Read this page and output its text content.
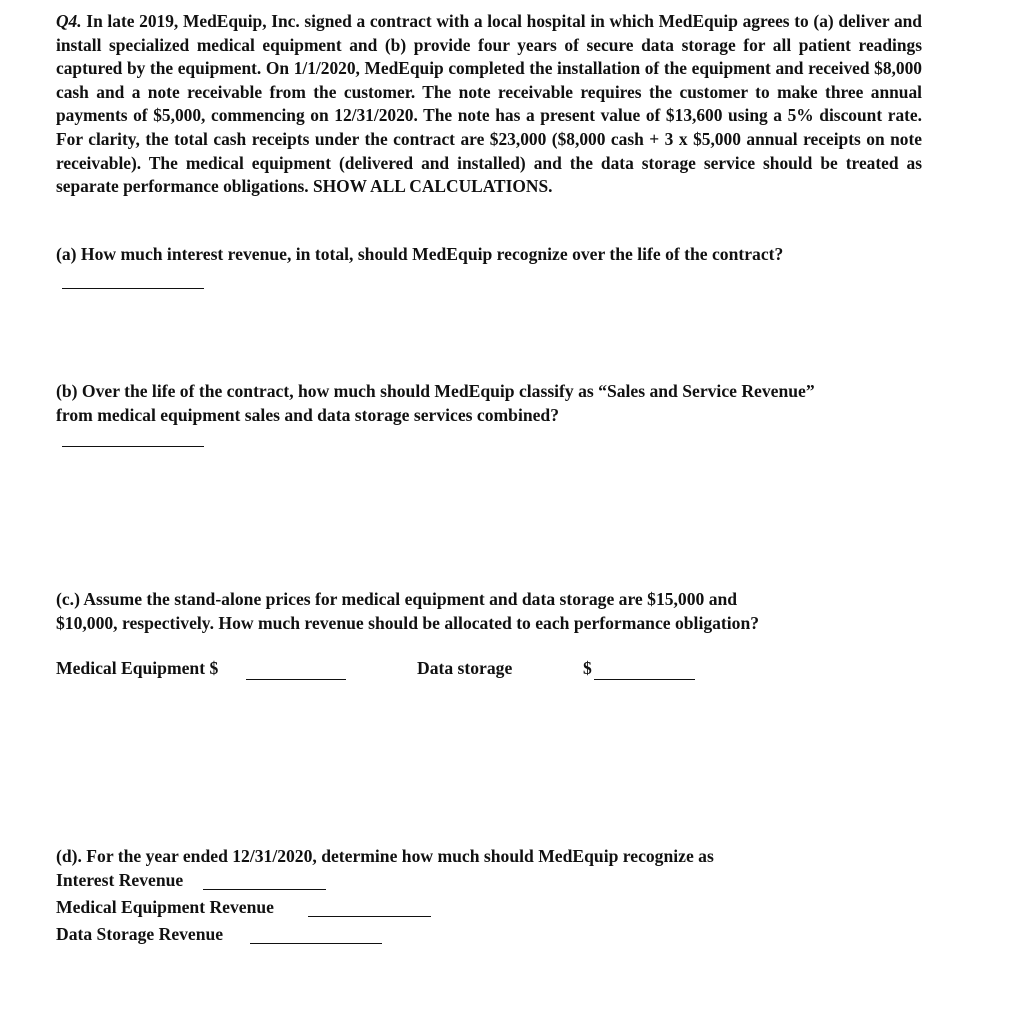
Q4. In late 2019, MedEquip, Inc. signed a contract with a local hospital in which MedEquip agrees to (a) deliver and install specialized medical equipment and (b) provide four years of secure data storage for all patient readings captured by the equipment. On 1/1/2020, MedEquip completed the installation of the equipment and received $8,000 cash and a note receivable from the customer. The note receivable requires the customer to make three annual payments of $5,000, commencing on 12/31/2020. The note has a present value of $13,600 using a 5% discount rate. For clarity, the total cash receipts under the contract are $23,000 ($8,000 cash + 3 x $5,000 annual receipts on note receivable). The medical equipment (delivered and installed) and the data storage service should be treated as separate performance obligations. SHOW ALL CALCULATIONS.
(a) How much interest revenue, in total, should MedEquip recognize over the life of the contract?
(b) Over the life of the contract, how much should MedEquip classify as “Sales and Service Revenue”
from medical equipment sales and data storage services combined?
(c.) Assume the stand-alone prices for medical equipment and data storage are $15,000 and
$10,000, respectively. How much revenue should be allocated to each performance obligation?
Medical Equipment $	Data storage	$
(d). For the year ended 12/31/2020, determine how much should MedEquip recognize as
Interest Revenue
Medical Equipment Revenue
Data Storage Revenue
